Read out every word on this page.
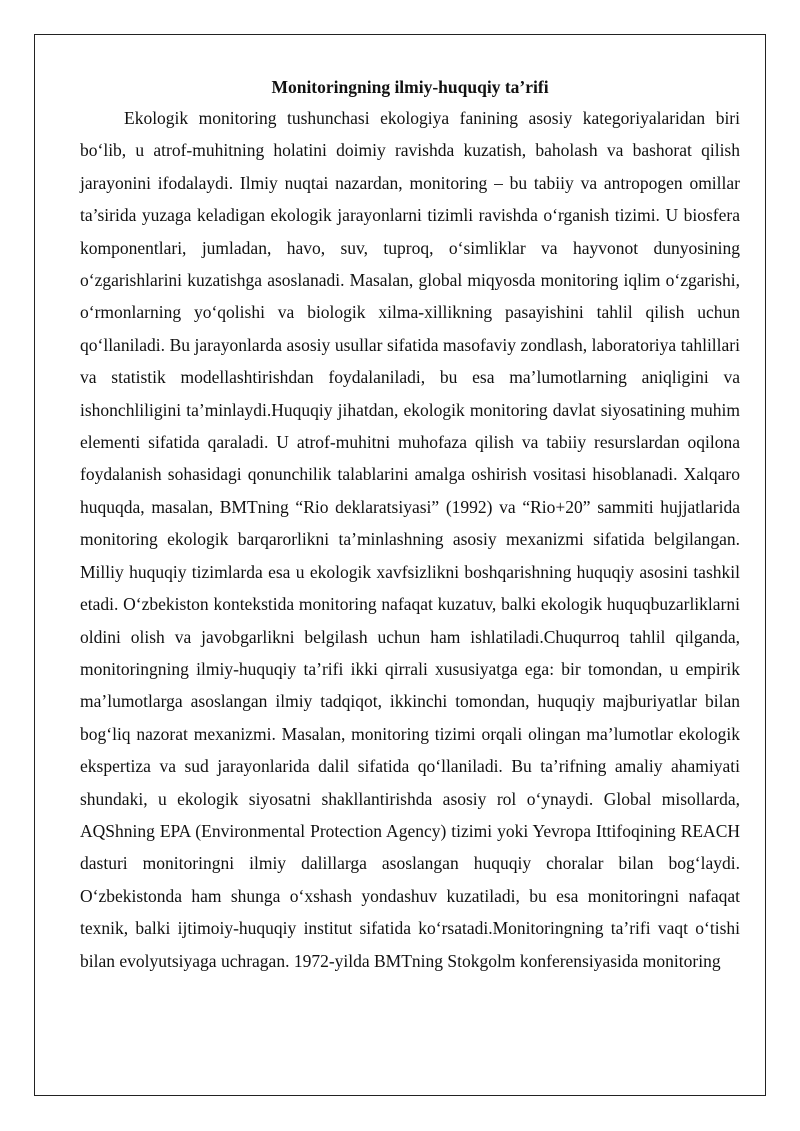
Monitoringning ilmiy-huquqiy ta’rifi

Ekologik monitoring tushunchasi ekologiya fanining asosiy kategoriyalaridan biri bo‘lib, u atrof-muhitning holatini doimiy ravishda kuzatish, baholash va bashorat qilish jarayonini ifodalaydi. Ilmiy nuqtai nazardan, monitoring – bu tabiiy va antropogen omillar ta’sirida yuzaga keladigan ekologik jarayonlarni tizimli ravishda o‘rganish tizimi. U biosfera komponentlari, jumladan, havo, suv, tuproq, o‘simliklar va hayvonot dunyosining o‘zgarishlarini kuzatishga asoslanadi. Masalan, global miqyosda monitoring iqlim o‘zgarishi, o‘rmonlarning yo‘qolishi va biologik xilma-xillikning pasayishini tahlil qilish uchun qo‘llaniladi. Bu jarayonlarda asosiy usullar sifatida masofaviy zondlash, laboratoriya tahlillari va statistik modellashtirishdan foydalaniladi, bu esa ma’lumotlarning aniqligini va ishonchliligini ta’minlaydi.Huquqiy jihatdan, ekologik monitoring davlat siyosatining muhim elementi sifatida qaraladi. U atrof-muhitni muhofaza qilish va tabiiy resurslardan oqilona foydalanish sohasidagi qonunchilik talablarini amalga oshirish vositasi hisoblanadi. Xalqaro huquqda, masalan, BMTning “Rio deklaratsiyasi” (1992) va “Rio+20” sammiti hujjatlarida monitoring ekologik barqarorlikni ta’minlashning asosiy mexanizmi sifatida belgilangan. Milliy huquqiy tizimlarda esa u ekologik xavfsizlikni boshqarishning huquqiy asosini tashkil etadi. O‘zbekiston kontekstida monitoring nafaqat kuzatuv, balki ekologik huquqbuzarliklarni oldini olish va javobgarlikni belgilash uchun ham ishlatiladi.Chuqurroq tahlil qilganda, monitoringning ilmiy-huquqiy ta’rifi ikki qirrali xususiyatga ega: bir tomondan, u empirik ma’lumotlarga asoslangan ilmiy tadqiqot, ikkinchi tomondan, huquqiy majburiyatlar bilan bog‘liq nazorat mexanizmi. Masalan, monitoring tizimi orqali olingan ma’lumotlar ekologik ekspertiza va sud jarayonlarida dalil sifatida qo‘llaniladi. Bu ta’rifning amaliy ahamiyati shundaki, u ekologik siyosatni shakllantirishda asosiy rol o‘ynaydi. Global misollarda, AQShning EPA (Environmental Protection Agency) tizimi yoki Yevropa Ittifoqining REACH dasturi monitoringni ilmiy dalillarga asoslangan huquqiy choralar bilan bog‘laydi. O‘zbekistonda ham shunga o‘xshash yondashuv kuzatiladi, bu esa monitoringni nafaqat texnik, balki ijtimoiy-huquqiy institut sifatida ko‘rsatadi.Monitoringning ta’rifi vaqt o‘tishi bilan evolyutsiyaga uchragan. 1972-yilda BMTning Stokgolm konferensiyasida monitoring
